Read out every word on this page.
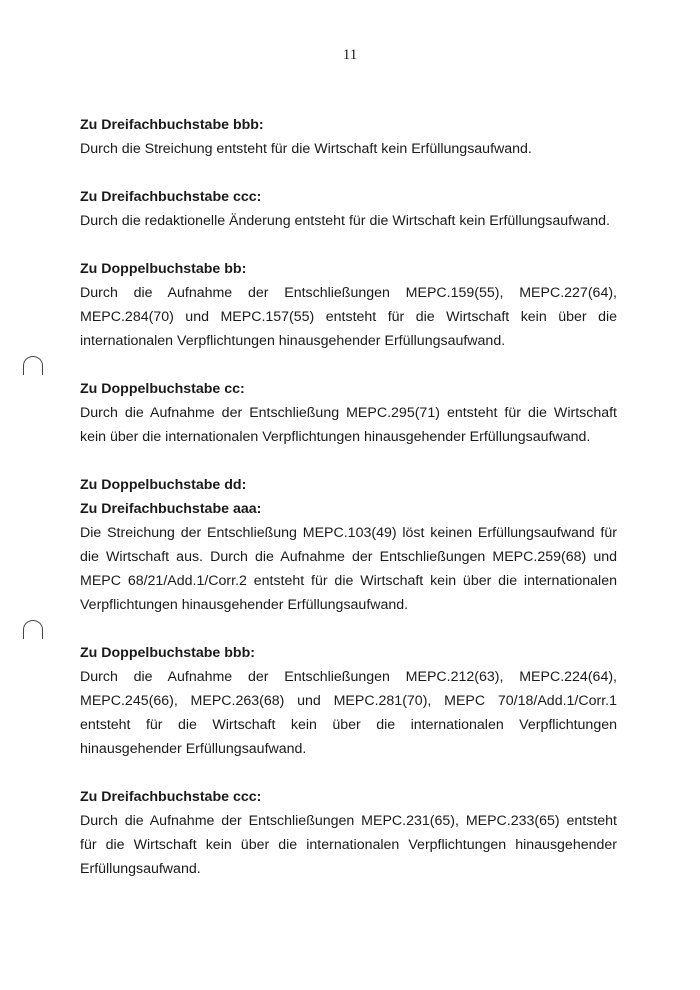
11

Zu Dreifachbuchstabe bbb:

Durch die Streichung entsteht für die Wirtschaft kein Erfüllungsaufwand.

Zu Dreifachbuchstabe ccc:

Durch die redaktionelle Änderung entsteht für die Wirtschaft kein Erfüllungsaufwand.

Zu Doppelbuchstabe bb:

Durch die Aufnahme der Entschließungen MEPC.159(55), MEPC.227(64), MEPC.284(70) und MEPC.157(55) entsteht für die Wirtschaft kein über die internationalen Verpflichtungen hinausgehender Erfüllungsaufwand.

Zu Doppelbuchstabe cc:

Durch die Aufnahme der Entschließung MEPC.295(71) entsteht für die Wirtschaft kein über die internationalen Verpflichtungen hinausgehender Erfüllungsaufwand.

Zu Doppelbuchstabe dd:

Zu Dreifachbuchstabe aaa:

Die Streichung der Entschließung MEPC.103(49) löst keinen Erfüllungsaufwand für die Wirtschaft aus. Durch die Aufnahme der Entschließungen MEPC.259(68) und MEPC 68/21/Add.1/Corr.2 entsteht für die Wirtschaft kein über die internationalen Verpflichtungen hinausgehender Erfüllungsaufwand.

Zu Doppelbuchstabe bbb:

Durch die Aufnahme der Entschließungen MEPC.212(63), MEPC.224(64), MEPC.245(66), MEPC.263(68) und MEPC.281(70), MEPC 70/18/Add.1/Corr.1 entsteht für die Wirtschaft kein über die internationalen Verpflichtungen hinausgehender Erfüllungsaufwand.

Zu Dreifachbuchstabe ccc:

Durch die Aufnahme der Entschließungen MEPC.231(65), MEPC.233(65) entsteht für die Wirtschaft kein über die internationalen Verpflichtungen hinausgehender Erfüllungsaufwand.
